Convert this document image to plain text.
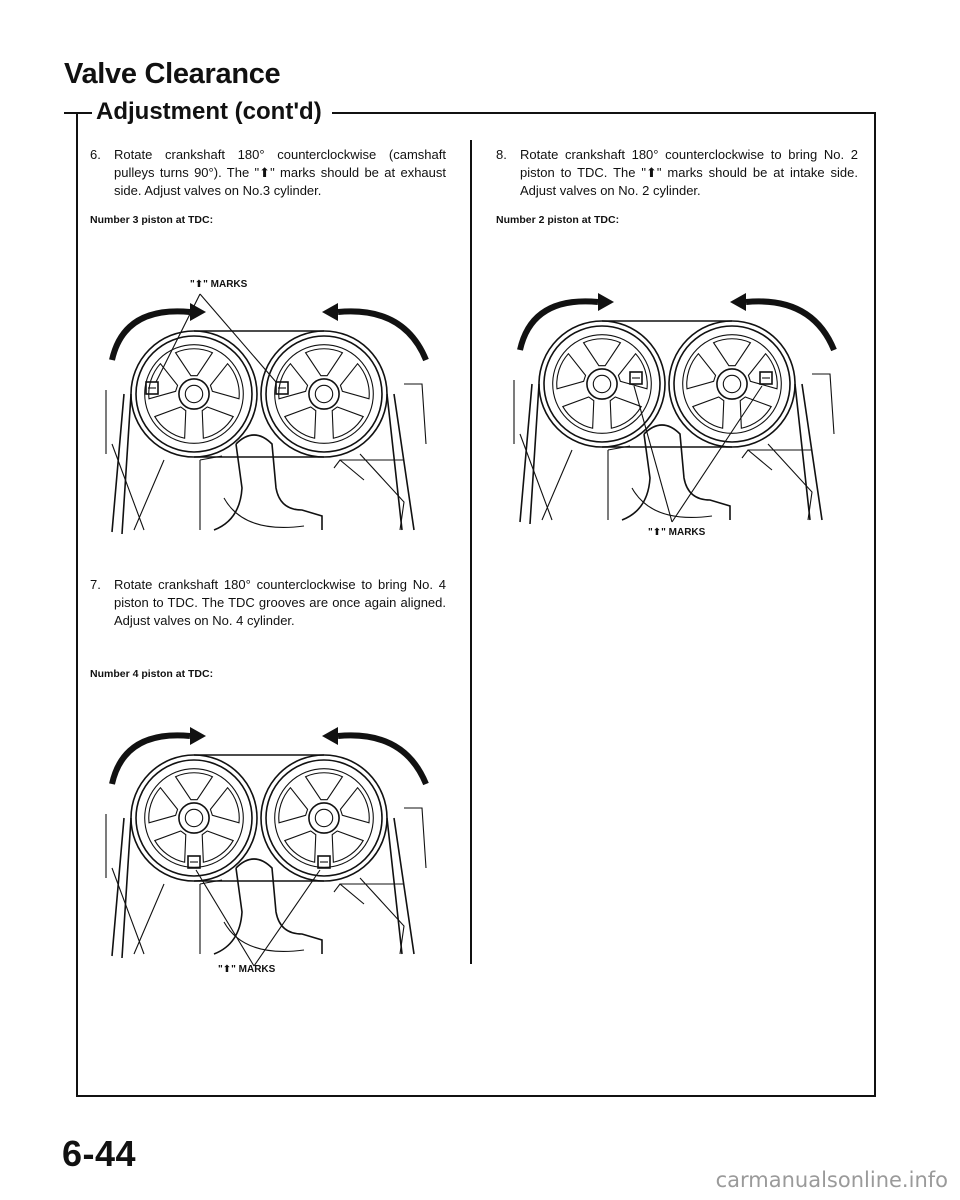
Valve Clearance
Adjustment (cont'd)
6. Rotate crankshaft 180° counterclockwise (camshaft pulleys turns 90°). The "⬆" marks should be at exhaust side. Adjust valves on No.3 cylinder.
Number 3 piston at TDC:
"⬆" MARKS
7. Rotate crankshaft 180° counterclockwise to bring No. 4 piston to TDC. The TDC grooves are once again aligned. Adjust valves on No. 4 cylinder.
Number 4 piston at TDC:
"⬆" MARKS
8. Rotate crankshaft 180° counterclockwise to bring No. 2 piston to TDC. The "⬆" marks should be at intake side. Adjust valves on No. 2 cylinder.
Number 2 piston at TDC:
"⬆" MARKS
6-44
carmanualsonline.info
